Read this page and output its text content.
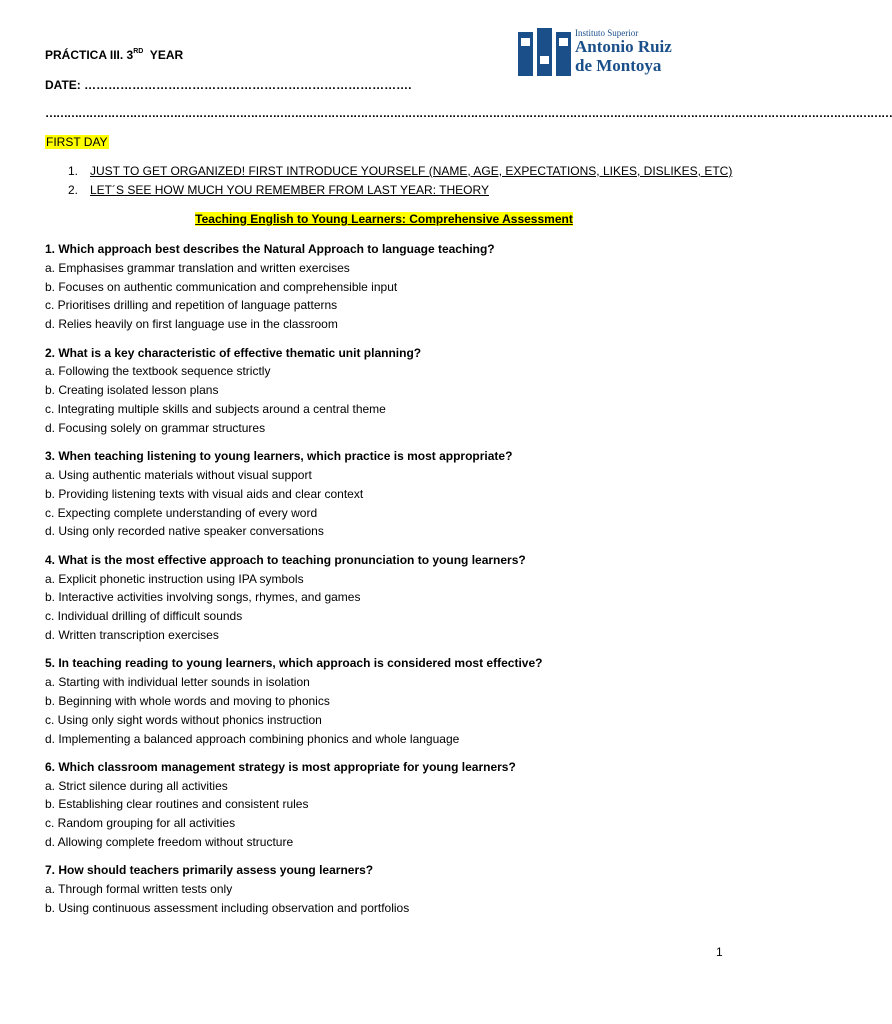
PRÁCTICA III. 3RD  YEAR
DATE: ……………………………………………………………………….
……………………………………………………………………………………………………………………………………………………………………………………………………………
Instituto Superior
Antonio Ruiz
de Montoya
FIRST DAY
1. JUST TO GET ORGANIZED! FIRST INTRODUCE YOURSELF (NAME, AGE, EXPECTATIONS, LIKES, DISLIKES, ETC)
2. LET´S SEE HOW MUCH YOU REMEMBER FROM LAST YEAR: THEORY
Teaching English to Young Learners: Comprehensive Assessment
1. Which approach best describes the Natural Approach to language teaching?
a. Emphasises grammar translation and written exercises
b. Focuses on authentic communication and comprehensible input
c. Prioritises drilling and repetition of language patterns
d. Relies heavily on first language use in the classroom
2. What is a key characteristic of effective thematic unit planning?
a. Following the textbook sequence strictly
b. Creating isolated lesson plans
c. Integrating multiple skills and subjects around a central theme
d. Focusing solely on grammar structures
3. When teaching listening to young learners, which practice is most appropriate?
a. Using authentic materials without visual support
b. Providing listening texts with visual aids and clear context
c. Expecting complete understanding of every word
d. Using only recorded native speaker conversations
4. What is the most effective approach to teaching pronunciation to young learners?
a. Explicit phonetic instruction using IPA symbols
b. Interactive activities involving songs, rhymes, and games
c. Individual drilling of difficult sounds
d. Written transcription exercises
5. In teaching reading to young learners, which approach is considered most effective?
a. Starting with individual letter sounds in isolation
b. Beginning with whole words and moving to phonics
c. Using only sight words without phonics instruction
d. Implementing a balanced approach combining phonics and whole language
6. Which classroom management strategy is most appropriate for young learners?
a. Strict silence during all activities
b. Establishing clear routines and consistent rules
c. Random grouping for all activities
d. Allowing complete freedom without structure
7. How should teachers primarily assess young learners?
a. Through formal written tests only
b. Using continuous assessment including observation and portfolios
1
